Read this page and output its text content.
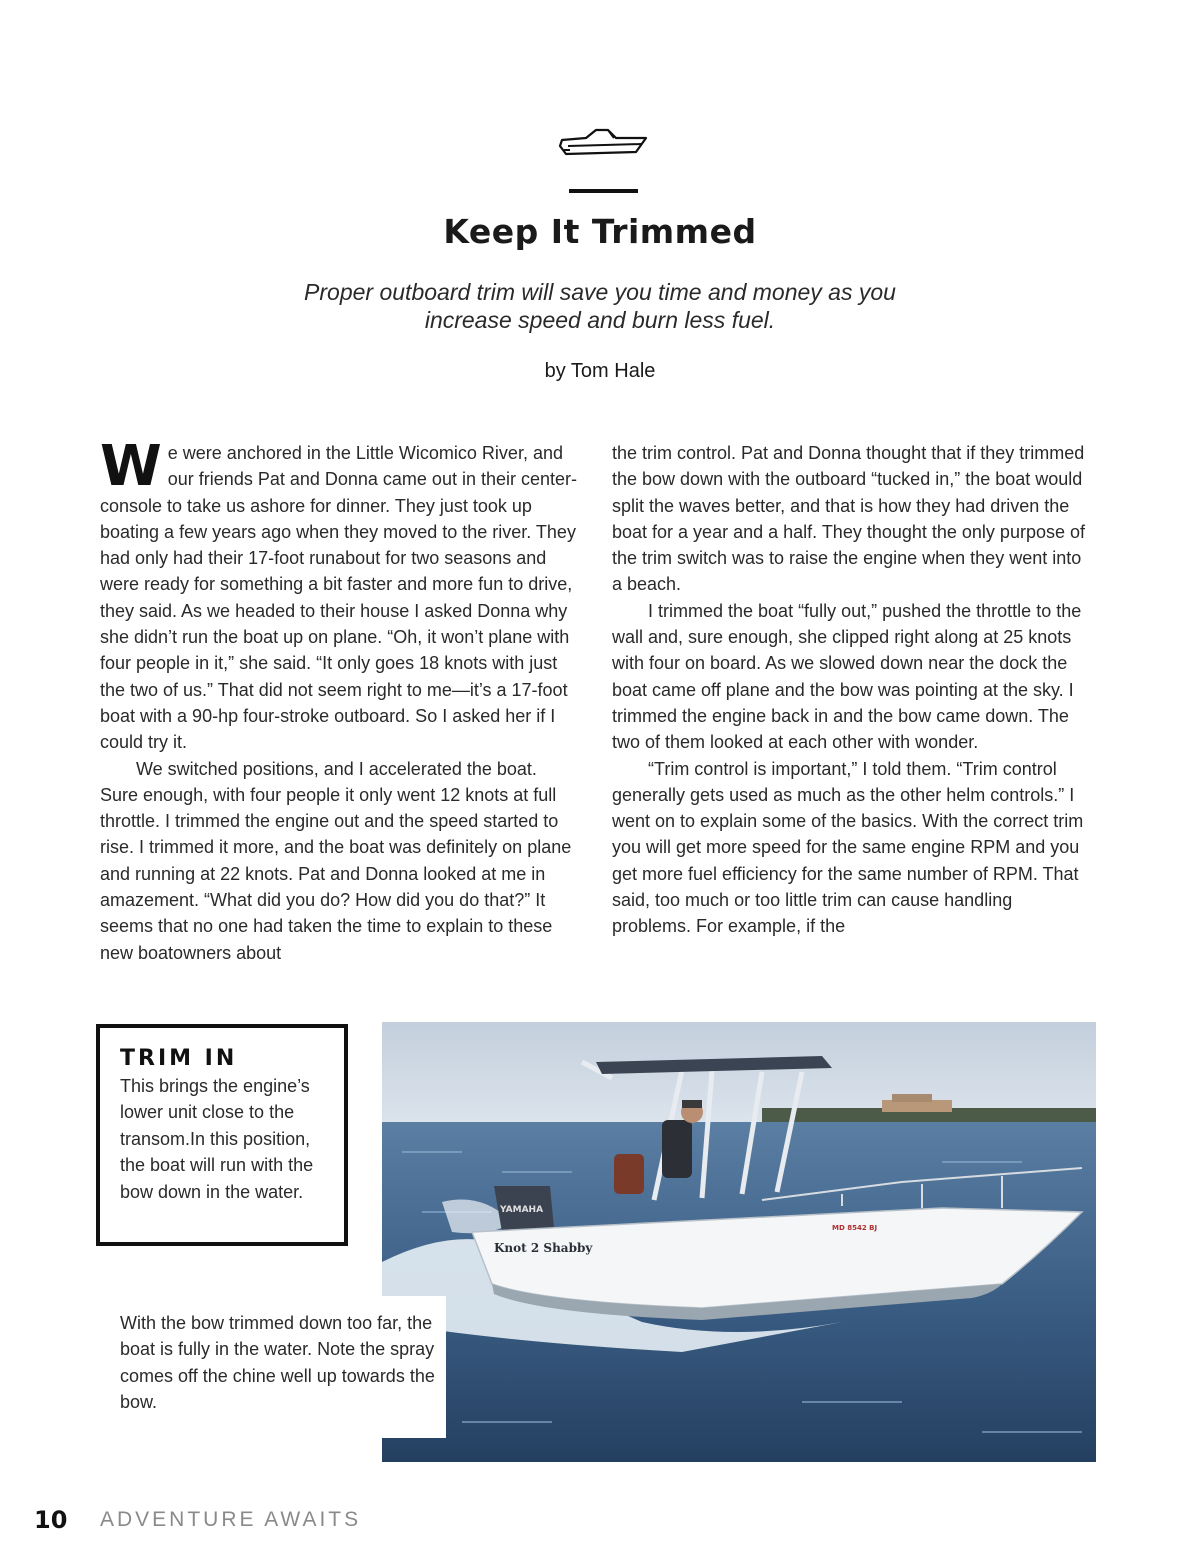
Keep It Trimmed
Proper outboard trim will save you time and money as you increase speed and burn less fuel.
by Tom Hale

We were anchored in the Little Wicomico River, and our friends Pat and Donna came out in their center-console to take us ashore for dinner. They just took up boating a few years ago when they moved to the river. They had only had their 17-foot runabout for two seasons and were ready for something a bit faster and more fun to drive, they said. As we headed to their house I asked Donna why she didn’t run the boat up on plane. “Oh, it won’t plane with four people in it,” she said. “It only goes 18 knots with just the two of us.” That did not seem right to me—it’s a 17-foot boat with a 90-hp four-stroke outboard. So I asked her if I could try it.

We switched positions, and I accelerated the boat. Sure enough, with four people it only went 12 knots at full throttle. I trimmed the engine out and the speed started to rise. I trimmed it more, and the boat was definitely on plane and running at 22 knots. Pat and Donna looked at me in amazement. “What did you do? How did you do that?” It seems that no one had taken the time to explain to these new boatowners about

the trim control. Pat and Donna thought that if they trimmed the bow down with the outboard “tucked in,” the boat would split the waves better, and that is how they had driven the boat for a year and a half. They thought the only purpose of the trim switch was to raise the engine when they went into a beach.

I trimmed the boat “fully out,” pushed the throttle to the wall and, sure enough, she clipped right along at 25 knots with four on board. As we slowed down near the dock the boat came off plane and the bow was pointing at the sky. I trimmed the engine back in and the bow came down. The two of them looked at each other with wonder.

“Trim control is important,” I told them. “Trim control generally gets used as much as the other helm controls.” I went on to explain some of the basics. With the correct trim you will get more speed for the same engine RPM and you get more fuel efficiency for the same number of RPM. That said, too much or too little trim can cause handling problems. For example, if the

YAMAHA
Knot 2 Shabby
MD 8542 BJ
TRIM IN
This brings the engine’s lower unit close to the transom.In this position, the boat will run with the bow down in the water.
With the bow trimmed down too far, the boat is fully in the water. Note the spray comes off the chine well up towards the bow.
10 ADVENTURE AWAITS
